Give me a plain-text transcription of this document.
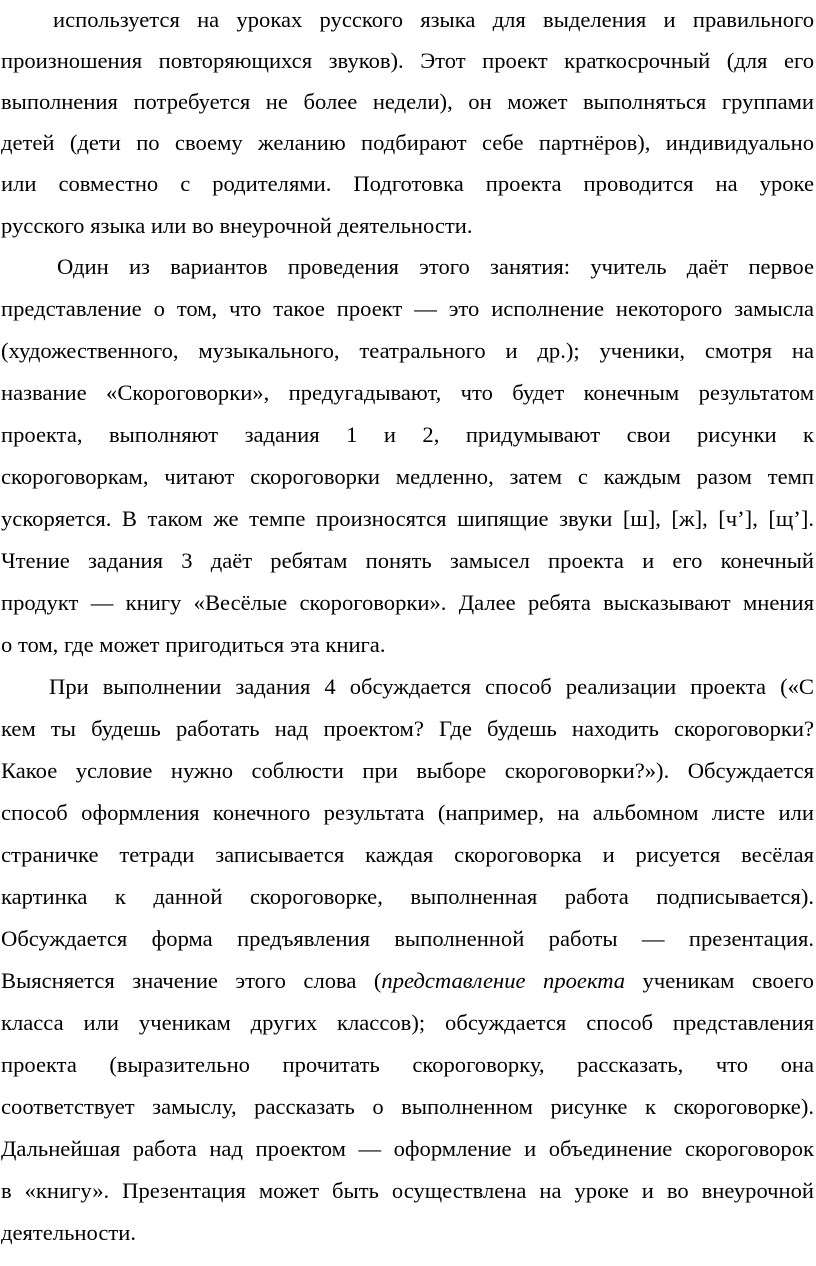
используется на уроках русского языка для выделения и правильного
произношения повторяющихся звуков). Этот проект краткосрочный (для его
выполнения потребуется не более недели), он может выполняться группами
детей (дети по своему желанию подбирают себе партнёров), индивидуально
или совместно с родителями. Подготовка проекта проводится на уроке
русского языка или во внеурочной деятельности.
Один из вариантов проведения этого занятия: учитель даёт первое
представление о том, что такое проект — это исполнение некоторого замысла
(художественного, музыкального, театрального и др.); ученики, смотря на
название «Скороговорки», предугадывают, что будет конечным результатом
проекта, выполняют задания 1 и 2, придумывают свои рисунки к
скороговоркам, читают скороговорки медленно, затем с каждым разом темп
ускоряется. В таком же темпе произносятся шипящие звуки [ш], [ж], [ч’], [щ’].
Чтение задания 3 даёт ребятам понять замысел проекта и его конечный
продукт — книгу «Весёлые скороговорки». Далее ребята высказывают мнения
о том, где может пригодиться эта книга.
При выполнении задания 4 обсуждается способ реализации проекта («С
кем ты будешь работать над проектом? Где будешь находить скороговорки?
Какое условие нужно соблюсти при выборе скороговорки?»). Обсуждается
способ оформления конечного результата (например, на альбомном листе или
страничке тетради записывается каждая скороговорка и рисуется весёлая
картинка к данной скороговорке, выполненная работа подписывается).
Обсуждается форма предъявления выполненной работы — презентация.
Выясняется значение этого слова (представление проекта ученикам своего
класса или ученикам других классов); обсуждается способ представления
проекта (выразительно прочитать скороговорку, рассказать, что она
соответствует замыслу, рассказать о выполненном рисунке к скороговорке).
Дальнейшая работа над проектом — оформление и объединение скороговорок
в «книгу». Презентация может быть осуществлена на уроке и во внеурочной
деятельности.
